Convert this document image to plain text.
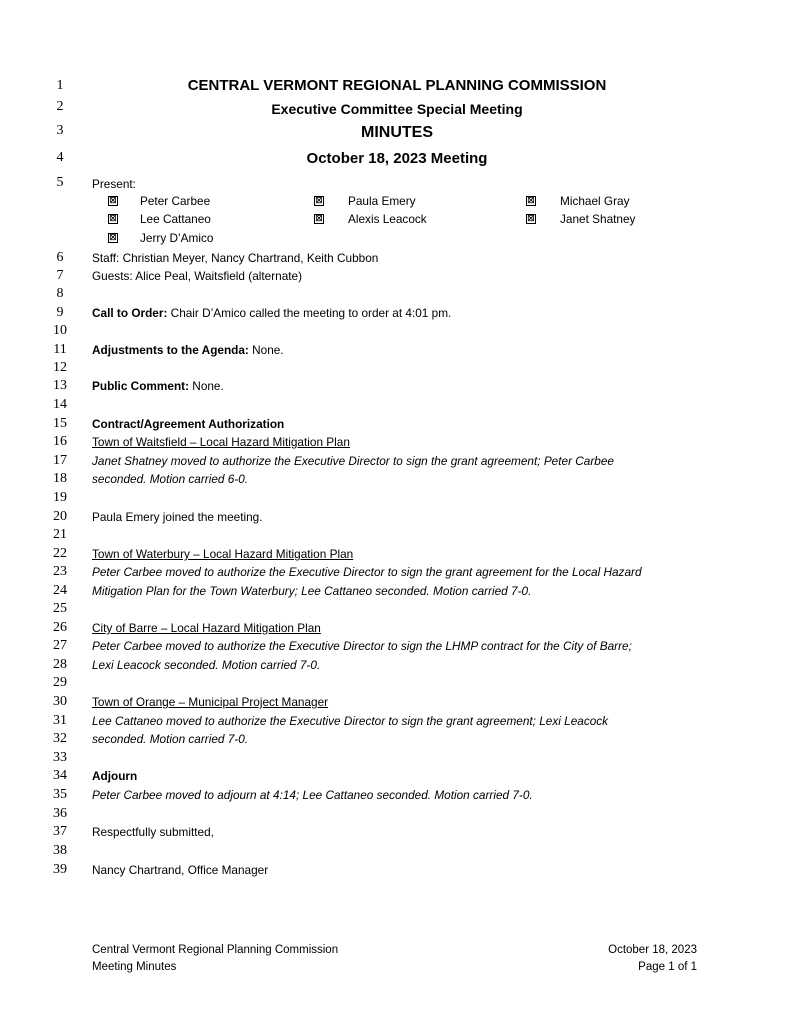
1
2
3
4
5
6
7
8
9
10
11
12
13
14
15
16
17
18
19
20
21
22
23
24
25
26
27
28
29
30
31
32
33
34
35
36
37
38
39
CENTRAL VERMONT REGIONAL PLANNING COMMISSION
Executive Committee Special Meeting
MINUTES
October 18, 2023 Meeting
Present:
☒ Peter Carbee	☒ Paula Emery	☒ Michael Gray
☒ Lee Cattaneo	☒ Alexis Leacock	☒ Janet Shatney
☒ Jerry D’Amico
Staff: Christian Meyer, Nancy Chartrand, Keith Cubbon
Guests: Alice Peal, Waitsfield (alternate)
Call to Order: Chair D’Amico called the meeting to order at 4:01 pm.
Adjustments to the Agenda: None.
Public Comment: None.
Contract/Agreement Authorization
Town of Waitsfield – Local Hazard Mitigation Plan
Janet Shatney moved to authorize the Executive Director to sign the grant agreement; Peter Carbee
seconded. Motion carried 6-0.
Paula Emery joined the meeting.
Town of Waterbury – Local Hazard Mitigation Plan
Peter Carbee moved to authorize the Executive Director to sign the grant agreement for the Local Hazard
Mitigation Plan for the Town Waterbury; Lee Cattaneo seconded. Motion carried 7-0.
City of Barre – Local Hazard Mitigation Plan
Peter Carbee moved to authorize the Executive Director to sign the LHMP contract for the City of Barre;
Lexi Leacock seconded. Motion carried 7-0.
Town of Orange – Municipal Project Manager
Lee Cattaneo moved to authorize the Executive Director to sign the grant agreement; Lexi Leacock
seconded. Motion carried 7-0.
Adjourn
Peter Carbee moved to adjourn at 4:14; Lee Cattaneo seconded. Motion carried 7-0.
Respectfully submitted,
Nancy Chartrand, Office Manager
Central Vermont Regional Planning Commission
Meeting Minutes
October 18, 2023
Page 1 of 1
